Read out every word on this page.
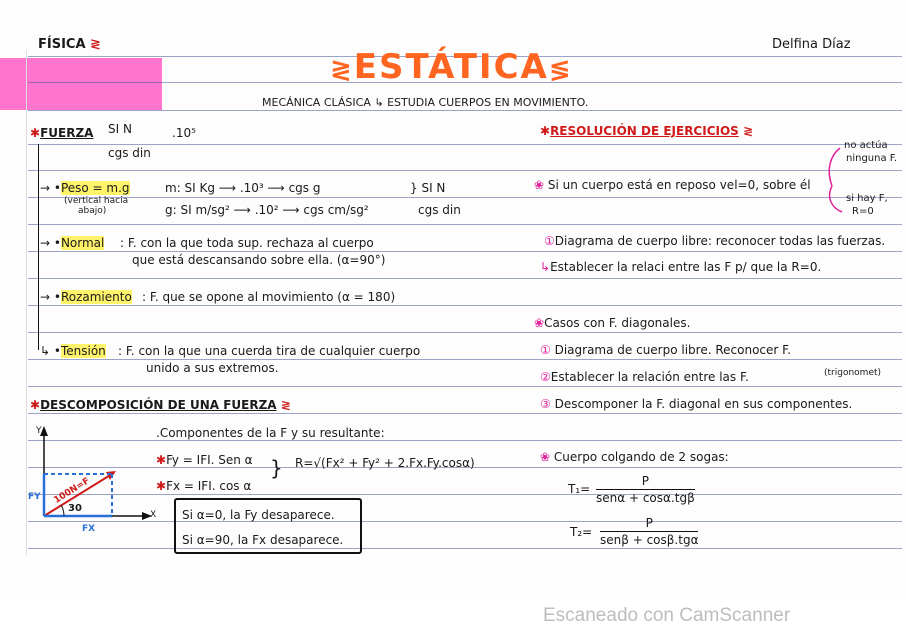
FÍSICA ≷	Delfina Díaz
≷ESTÁTICA≶
MECÁNICA CLÁSICA ↳ ESTUDIA CUERPOS EN MOVIMIENTO.
✱FUERZA SI N
cgs din
.10⁵
→ •Peso = m.g
(vertical hacia
abajo)
m: SI Kg ⟶ .10³ ⟶ cgs g
g: SI m/sg² ⟶ .10² ⟶ cgs cm/sg²
} SI N
cgs din
→ •Normal : F. con la que toda sup. rechaza al cuerpo
que está descansando sobre ella. (α=90°)
→ •Rozamiento : F. que se opone al movimiento (α = 180)
↳ •Tensión : F. con la que una cuerda tira de cualquier cuerpo
unido a sus extremos.
✱DESCOMPOSICIÓN DE UNA FUERZA ≷
.Componentes de la F y su resultante:
✱Fy = IFI. Sen α
✱Fx = IFI. cos α
} R=√(Fx² + Fy² + 2.Fx.Fy.cosα)
Si α=0, la Fy desaparece.
Si α=90, la Fx desaparece.
Y
X
FY
FX
100N=F
30
✱RESOLUCIÓN DE EJERCICIOS ≷
❀ Si un cuerpo está en reposo vel=0, sobre él
no actúa
ninguna F.
si hay F,
R=0
①Diagrama de cuerpo libre: reconocer todas las fuerzas.
↳Establecer la relaci entre las F p/ que la R=0.
❀Casos con F. diagonales.
① Diagrama de cuerpo libre. Reconocer F.
②Establecer la relación entre las F.	(trigonomet)
③ Descomponer la F. diagonal en sus componentes.
❀ Cuerpo colgando de 2 sogas:
T₁=
P
senα + cosα.tgβ
T₂=
P
senβ + cosβ.tgα
Escaneado con CamScanner
